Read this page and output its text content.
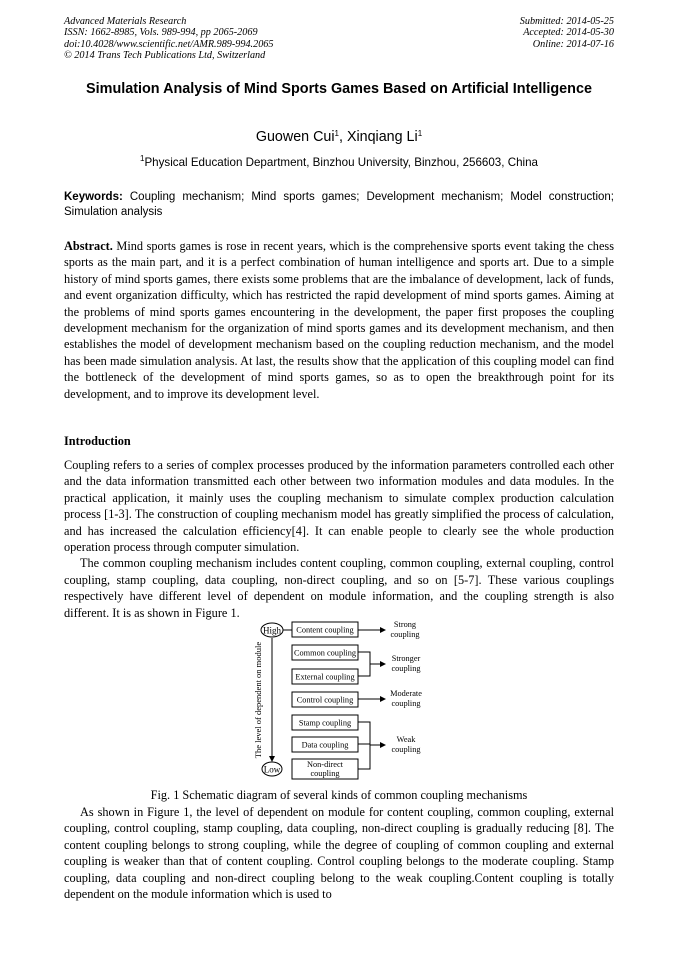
Advanced Materials Research
ISSN: 1662-8985, Vols. 989-994, pp 2065-2069
doi:10.4028/www.scientific.net/AMR.989-994.2065
© 2014 Trans Tech Publications Ltd, Switzerland
Submitted: 2014-05-25
Accepted: 2014-05-30
Online: 2014-07-16
Simulation Analysis of Mind Sports Games Based on Artificial Intelligence
Guowen Cui$^1$, Xinqiang Li$^1$
$^1$Physical Education Department, Binzhou University, Binzhou, 256603, China
Keywords: Coupling mechanism; Mind sports games; Development mechanism; Model construction; Simulation analysis
Abstract. Mind sports games is rose in recent years, which is the comprehensive sports event taking the chess sports as the main part, and it is a perfect combination of human intelligence and sports art. Due to a simple history of mind sports games, there exists some problems that are the imbalance of development, lack of funds, and event organization difficulty, which has restricted the rapid development of mind sports games. Aiming at the problems of mind sports games encountering in the development, the paper first proposes the coupling development mechanism for the organization of mind sports games and its development mechanism, and then establishes the model of development mechanism based on the coupling reduction mechanism, and the model has been made simulation analysis. At last, the results show that the application of this coupling model can find the bottleneck of the development of mind sports games, so as to open the breakthrough point for its development, and to improve its development level.
Introduction

Coupling refers to a series of complex processes produced by the information parameters controlled each other and the data information transmitted each other between two information modules and data modules. In the practical application, it mainly uses the coupling mechanism to simulate complex production calculation process [1-3]. The construction of coupling mechanism model has greatly simplified the process of calculation, and has increased the calculation efficiency[4]. It can enable people to clearly see the whole production operation process through computer simulation.

The common coupling mechanism includes content coupling, common coupling, external coupling, control coupling, stamp coupling, data coupling, non-direct coupling, and so on [5-7]. These various couplings respectively have different level of dependent on module information, and the coupling strength is also different. It is as shown in Figure 1.

High
Low
The level of dependent on module
Content coupling
Common coupling
External coupling
Control coupling
Stamp coupling
Data coupling
Non-direct coupling
Strong coupling
Stronger coupling
Moderate coupling
Weak coupling
Fig. 1 Schematic diagram of several kinds of common coupling mechanisms

As shown in Figure 1, the level of dependent on module for content coupling, common coupling, external coupling, control coupling, stamp coupling, data coupling, non-direct coupling is gradually reducing [8]. The content coupling belongs to strong coupling, while the degree of coupling of common coupling and external coupling is weaker than that of content coupling. Control coupling belongs to the moderate coupling. Stamp coupling, data coupling and non-direct coupling belong to the weak coupling.Content coupling is totally dependent on the module information which is used to
